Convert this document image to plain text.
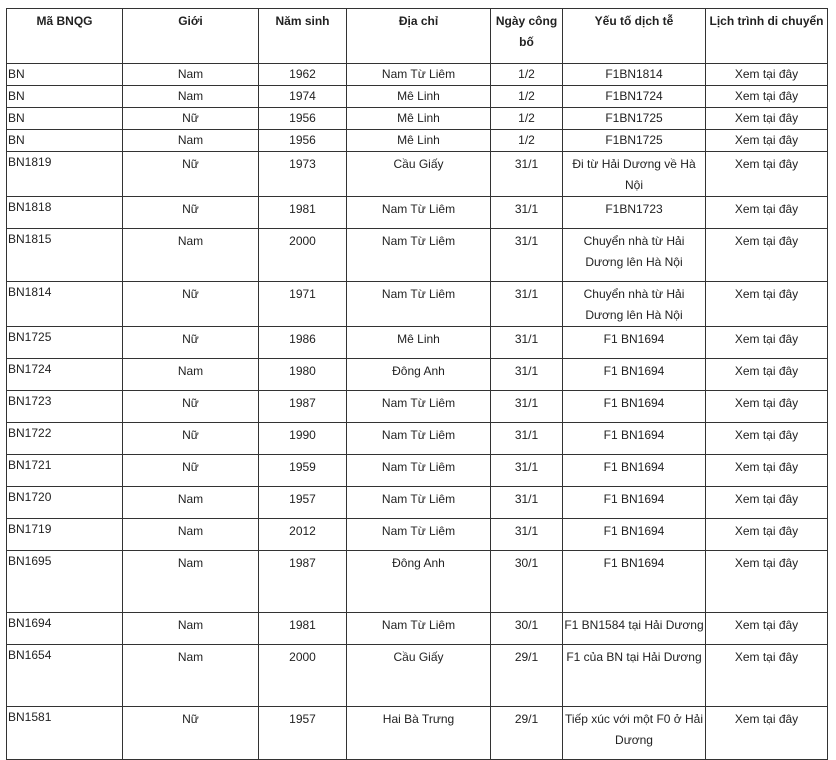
Mã BNQG	Giới	Năm sinh	Địa chỉ	Ngày công bố	Yếu tố dịch tễ	Lịch trình di chuyển
BN	Nam	1962	Nam Từ Liêm	1/2	F1BN1814	Xem tại đây
BN	Nam	1974	Mê Linh	1/2	F1BN1724	Xem tại đây
BN	Nữ	1956	Mê Linh	1/2	F1BN1725	Xem tại đây
BN	Nam	1956	Mê Linh	1/2	F1BN1725	Xem tại đây
BN1819	Nữ	1973	Cầu Giấy	31/1	Đi từ Hải Dương về Hà Nội	Xem tại đây
BN1818	Nữ	1981	Nam Từ Liêm	31/1	F1BN1723	Xem tại đây
BN1815	Nam	2000	Nam Từ Liêm	31/1	Chuyển nhà từ Hải Dương lên Hà Nội	Xem tại đây
BN1814	Nữ	1971	Nam Từ Liêm	31/1	Chuyển nhà từ Hải Dương lên Hà Nội	Xem tại đây
BN1725	Nữ	1986	Mê Linh	31/1	F1 BN1694	Xem tại đây
BN1724	Nam	1980	Đông Anh	31/1	F1 BN1694	Xem tại đây
BN1723	Nữ	1987	Nam Từ Liêm	31/1	F1 BN1694	Xem tại đây
BN1722	Nữ	1990	Nam Từ Liêm	31/1	F1 BN1694	Xem tại đây
BN1721	Nữ	1959	Nam Từ Liêm	31/1	F1 BN1694	Xem tại đây
BN1720	Nam	1957	Nam Từ Liêm	31/1	F1 BN1694	Xem tại đây
BN1719	Nam	2012	Nam Từ Liêm	31/1	F1 BN1694	Xem tại đây
BN1695	Nam	1987	Đông Anh	30/1	F1 BN1694	Xem tại đây
BN1694	Nam	1981	Nam Từ Liêm	30/1	F1 BN1584 tại Hải Dương	Xem tại đây
BN1654	Nam	2000	Cầu Giấy	29/1	F1 của BN tại Hải Dương	Xem tại đây
BN1581	Nữ	1957	Hai Bà Trưng	29/1	Tiếp xúc với một F0 ở Hải Dương	Xem tại đây
